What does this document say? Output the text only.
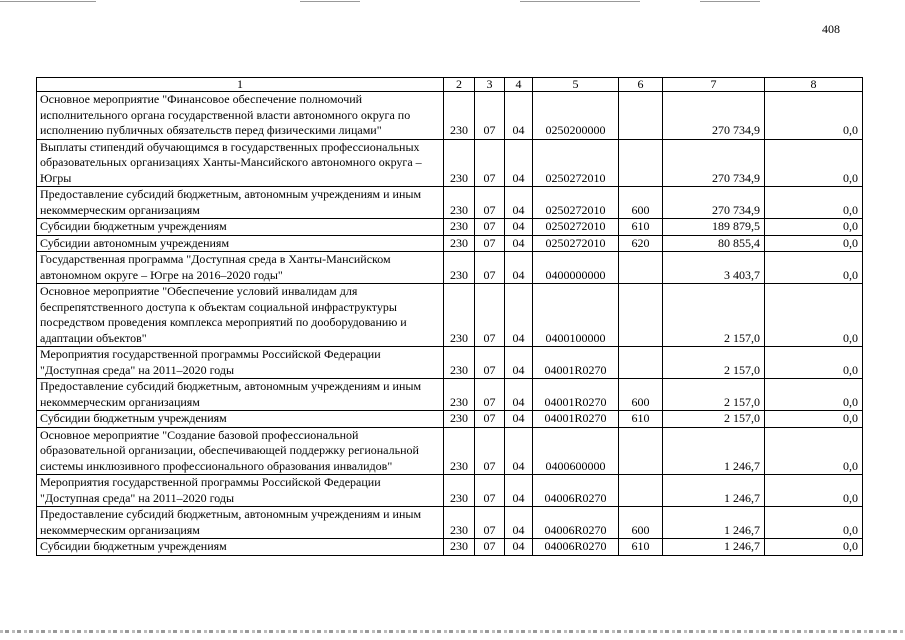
408
1	2	3	4	5	6	7	8
Основное мероприятие "Финансовое обеспечение полномочий исполнительного органа государственной власти автономного округа по исполнению публичных обязательств перед физическими лицами"	230	07	04	0250200000		270 734,9	0,0
Выплаты стипендий обучающимся в государственных профессиональных образовательных организациях Ханты-Мансийского автономного округа – Югры	230	07	04	0250272010		270 734,9	0,0
Предоставление субсидий бюджетным, автономным учреждениям и иным некоммерческим организациям	230	07	04	0250272010	600	270 734,9	0,0
Субсидии бюджетным учреждениям	230	07	04	0250272010	610	189 879,5	0,0
Субсидии автономным учреждениям	230	07	04	0250272010	620	80 855,4	0,0
Государственная программа "Доступная среда в Ханты-Мансийском автономном округе – Югре на 2016–2020 годы"	230	07	04	0400000000		3 403,7	0,0
Основное мероприятие "Обеспечение условий инвалидам для беспрепятственного доступа к объектам социальной инфраструктуры посредством проведения комплекса мероприятий по дооборудованию и адаптации объектов"	230	07	04	0400100000		2 157,0	0,0
Мероприятия государственной программы Российской Федерации "Доступная среда" на 2011–2020 годы	230	07	04	04001R0270		2 157,0	0,0
Предоставление субсидий бюджетным, автономным учреждениям и иным некоммерческим организациям	230	07	04	04001R0270	600	2 157,0	0,0
Субсидии бюджетным учреждениям	230	07	04	04001R0270	610	2 157,0	0,0
Основное мероприятие "Создание базовой профессиональной образовательной организации, обеспечивающей поддержку региональной системы инклюзивного профессионального образования инвалидов"	230	07	04	0400600000		1 246,7	0,0
Мероприятия государственной программы Российской Федерации "Доступная среда" на 2011–2020 годы	230	07	04	04006R0270		1 246,7	0,0
Предоставление субсидий бюджетным, автономным учреждениям и иным некоммерческим организациям	230	07	04	04006R0270	600	1 246,7	0,0
Субсидии бюджетным учреждениям	230	07	04	04006R0270	610	1 246,7	0,0
